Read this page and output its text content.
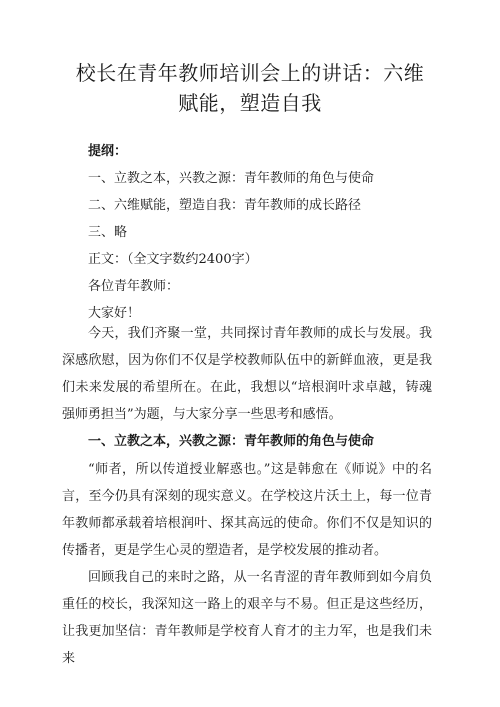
校长在青年教师培训会上的讲话：六维赋能，塑造自我
提纲：
一、立教之本，兴教之源：青年教师的角色与使命
二、六维赋能，塑造自我：青年教师的成长路径
三、略
正文：（全文字数约2400字）
各位青年教师：
大家好！

今天，我们齐聚一堂，共同探讨青年教师的成长与发展。我深感欣慰，因为你们不仅是学校教师队伍中的新鲜血液，更是我们未来发展的希望所在。在此，我想以“培根润叶求卓越，铸魂强师勇担当”为题，与大家分享一些思考和感悟。

一、立教之本，兴教之源：青年教师的角色与使命

“师者，所以传道授业解惑也。”这是韩愈在《师说》中的名言，至今仍具有深刻的现实意义。在学校这片沃土上，每一位青年教师都承载着培根润叶、探其高远的使命。你们不仅是知识的传播者，更是学生心灵的塑造者，是学校发展的推动者。

回顾我自己的来时之路，从一名青涩的青年教师到如今肩负重任的校长，我深知这一路上的艰辛与不易。但正是这些经历，让我更加坚信：青年教师是学校育人育才的主力军，也是我们未来
